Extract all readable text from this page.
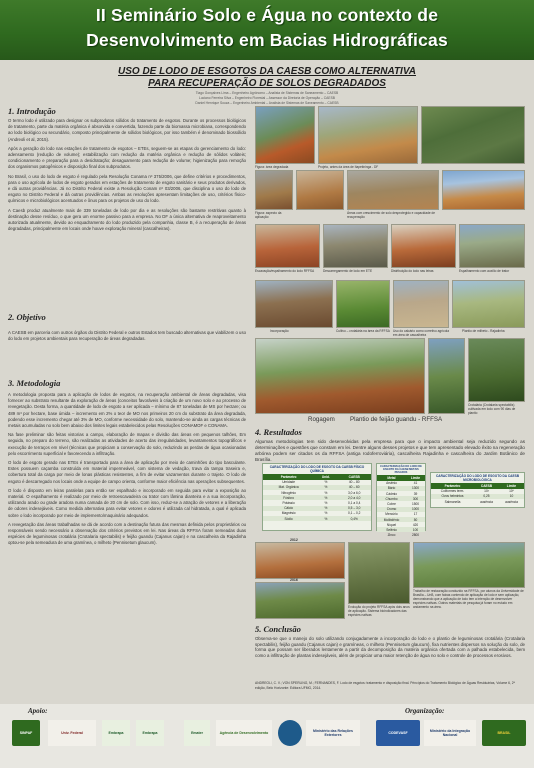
II Seminário Solo e Água no contexto de
Desenvolvimento em Bacias Hidrográficas
USO DE LODO DE ESGOTOS DA CAESB COMO ALTERNATIVA
PARA RECUPERAÇÃO DE SOLOS DEGRADADOS
Tiago Gonçalves Lima – Engenheiro Agrônomo – Analista de Sistemas de Saneamento – CAESB
Luciano Ferreira Silva – Engenheiro Florestal – Assessor da Diretoria de Operação – CAESB
Daniel Henrique Souza – Engenheiro Ambiental – Analista de Sistemas de Saneamento – CAESB
1. Introdução

O termo lodo é utilizado para designar os subprodutos sólidos do tratamento de esgotos. Durante os processos biológicos de tratamento, parte da matéria orgânica é absorvida e convertida, fazendo parte da biomassa microbiana, correspondendo ao lodo biológico ou secundário, composto principalmente de sólidos biológicos, por isso também é denominado biossólido (Andreoli et al, 2015).

Após a geração do lodo nas estações de tratamento de esgotos – ETEs, seguem-se as etapas do gerenciamento do lodo: adensamento (redução de volume); estabilização com redução da matéria orgânica e redução de sólidos voláteis; condicionamento e preparação para a desidratação; desaguamento para redução de volume; higienização para remoção dos organismos patogênicos e disposição final dos subprodutos.

No Brasil, o uso do lodo de esgoto é regulado pela Resolução Conama nº 375/2006, que define critérios e procedimentos, para o uso agrícola de lodos de esgoto gerados em estações de tratamento de esgoto sanitário e seus produtos derivados, e dá outras providências. Já no Distrito Federal existe a Resolução Conam nº 03/2006, que disciplina o uso do lodo de esgoto no Distrito Federal e dá outras providências. Ambas as resoluções apresentam limitações de uso, critérios físico-químicos e microbiológicos acentuados e ônus para os projetos de uso do lodo.

A Caesb produz atualmente mais de 339 toneladas de lodo por dia e as resoluções são bastante restritivas quanto à destinação desse resíduo, o que gera um enorme passivo para a empresa. No DF a única alternativa de reaproveitamento autorizada atualmente, devido ao enquadramento do lodo produzido pela companhia, classe B, é a recuperação de áreas degradadas, principalmente em locais onde houve exploração mineral (cascalheiras).

2. Objetivo

A CAESB em parceria com outros órgãos do Distrito Federal e outros Estados tem buscado alternativas que viabilizem o uso do lodo em projetos ambientais para recuperação de áreas degradadas.

3. Metodologia

A metodologia proposta para a aplicação de lodos de esgotos, na recuperação ambiental de áreas degradadas, visa fornecer ao substrato resultante da exploração de áreas (conceitos favoráveis à criação de um novo solo e ao processo de revegetação. Desta forma, a quantidade de lodo de esgoto a ser aplicada – mínimo de 87 toneladas de MS por hectare; ou 489 m³ por hectare, base úmida – incremento em 2% o teor de MO nos primeiros 20 cm do substrato da área degradada, podendo esse incremento chegar até 3% de MO, conforme necessidade do solo, mantendo-se ainda as cargas técnicas de metais acumuladas no solo bem abaixo dos limites legais estabelecidos pelas Resoluções CONAMOF e CONAMA.

Na fase preliminar são feitas vistorias a campo, elaboração de mapas e divisão das áreas em pequenos talhões, Em seguida, no preparo do terreno, são realizadas as atividades de acerto das irregularidades, levantamentos topográficos e execução de terraços em nível (técnicas que propiciam a conservação do solo, reduzindo as perdas de água ocasionadas pelo escorrimento superficial e favorecendo a infiltração.

O lodo de esgoto gerado nas ETEs é transportado para a área de aplicação por meio de caminhões do tipo basculante. Estes possuem caçamba construída em material impermeável, com sistema de vedação, trava da tampa traseira e, cobertura total da carga por meio de lonas plásticas resistentes, a fim de evitar vazamentos durante o trajeto. O lodo de esgoto é descarregado nos locais onde a equipe de campo orienta, conforme maior eficiência nas operações subsequentes.

O lodo é disposto em leiras paralelas para então ser espalhado e incorporado em seguida para evitar a exposição ao material. O espalhamento é realizado por meio de retroescavadeira ou trator com lâmina dianteira e a sua incorporação, utilizando arado ou grade aradora numa camada de 20 cm de solo. Com isso, reduz-se a atração de vetores e a liberação de odores indesejáveis. Como medida alternativa para evitar vetores e odores é utilizada cal hidratada, a qual é aplicada sobre o lodo incorporado por meio de implemento/maquinário adequados.

A revegetação das áreas trabalhadas se dá de acordo com a destinação futura das mesmas definida pelos proprietários ou responsáveis sendo necessário a observação dos critérios previstos em lei. Nas áreas da RFFSA foram semeadas duas espécies de leguminosas crotalária (Crotalaria spectabilis) e feijão guandu (Cajanus cajan) e na cascalheira da Rajadinha optou-se pela semeadura de uma gramínea, o milheto (Pennisetum glaucum).

Figura: área degradada	Projeto, antes da área de Itapetininga - DF
Figura: aspecto da aplicação
Áreas com crescimento de solo desprotegido e capacidade de recuperação
Escavação/espalhamento do lodo RFFSA	Descarregamento de lodo em ETE	Distribuição do lodo nas leiras	Espalhamento com auxílio de trator
Incorporação	Cultivo – crotalária na área da RFFSA Uso do calcário como corretivo agrícola em área de cascalheira
Plantio de milheto - Rajadinha
Crotalária (Crotalaria spectabilis) cultivada em lodo com 90 dias de plantio
Rogagem Plantio de feijão guandu - RFFSA
4. Resultados

Algumas metodologias tem sido desenvolvidas pela empresa para que o impacto ambiental seja reduzido segundo as determinações e questões que constam em lei. Dentre alguns desses projetos e que tem apresentado elevado êxito na regeneração arbórea podem ser citados os da RFFSA (antiga rodoferroviária), cascalheira Rajadinha e cascalheira do Jardim Botânico de Brasília.

CARACTERIZAÇÃO DO LODO DE ESGOTO DA CAESB FÍSICO QUÍMICA
Parâmetro	Unid.	CAESB
Umidade	%	40 – 80
Mat. Orgânica	%	40 – 60
Nitrogênio	%	3,0 a 6,0
Fósforo	%	2,0 a 4,0
Potássio	%	0,1 a 0,4
Cálcio	%	0,5 – 3,0
Magnésio	%	0,1 – 0,2
Sódio	%	0,4%
CARACTERIZAÇÃO DO LODO DE ESGOTO DA CAESB METAIS PESADOS
Metal	Limite
Arsênio	41
Bário	1300
Cádmio	39
Chumbo	300
Cobre	1500
Cromo	1000
Mercúrio	17
Molibdênio	50
Níquel	420
Selênio	100
Zinco	2800
CARACTERIZAÇÃO DO LODO DE ESGOTO DA CAESB MICROBIOLÓGICA
Parâmetro	CAESB	Limite
Coliformes term.	10³	10⁶
Ovos helmintos	0,25	10
Salmonella	ausência	ausência
2012
2016
Evolução do projeto RFFSA após dois anos de aplicação. Sistema bioindicadores das espécies nativas
Trabalho de restauração conduzido na RFFSA, por alunos da Universidade de Brasília – UnB, com faixas contendo de aplicação de lodo e sem aplicação, demonstrando que a aplicação de lodo tem a intenção de desenvolver espécies nativas. Outros materiais de pesquisa já foram no estudo em andamento na área.
5. Conclusão

Observa-se que o manejo do solo utilizando conjugadamente a incorporação do lodo e o plantio de leguminosas crotalária (Crotalaria spectabilis), feijão guandu (Cajanus cajan) e gramíneas, o milheto (Pennisetum glaucum), fixa nutrientes dispersos na solução do solo, de forma que possam ser liberados lentamente a partir da decomposição da matéria orgânica ofertada com a palhada estabelecida, bem como a infiltração de plantas indesejáveis, além de propiciar uma maior retenção de água no solo e controle de processos erosivos.

ANDREOLI, C. V.; VON SPERLING, M.; FERNANDES, F. Lodo de esgotos: tratamento e disposição final. Princípios do Tratamento Biológico de Águas Residuárias, Volume 6, 2ª edição, Belo Horizonte: Editora UFMG, 2014.
Apoio:	Organização:
SINPAF	Univ. Federal	Embrapa	Embrapa	Emater	Agência de Desenvolvimento	Ministério das Relações Exteriores	CODEVASF	Ministério da Integração Nacional	BRASIL
